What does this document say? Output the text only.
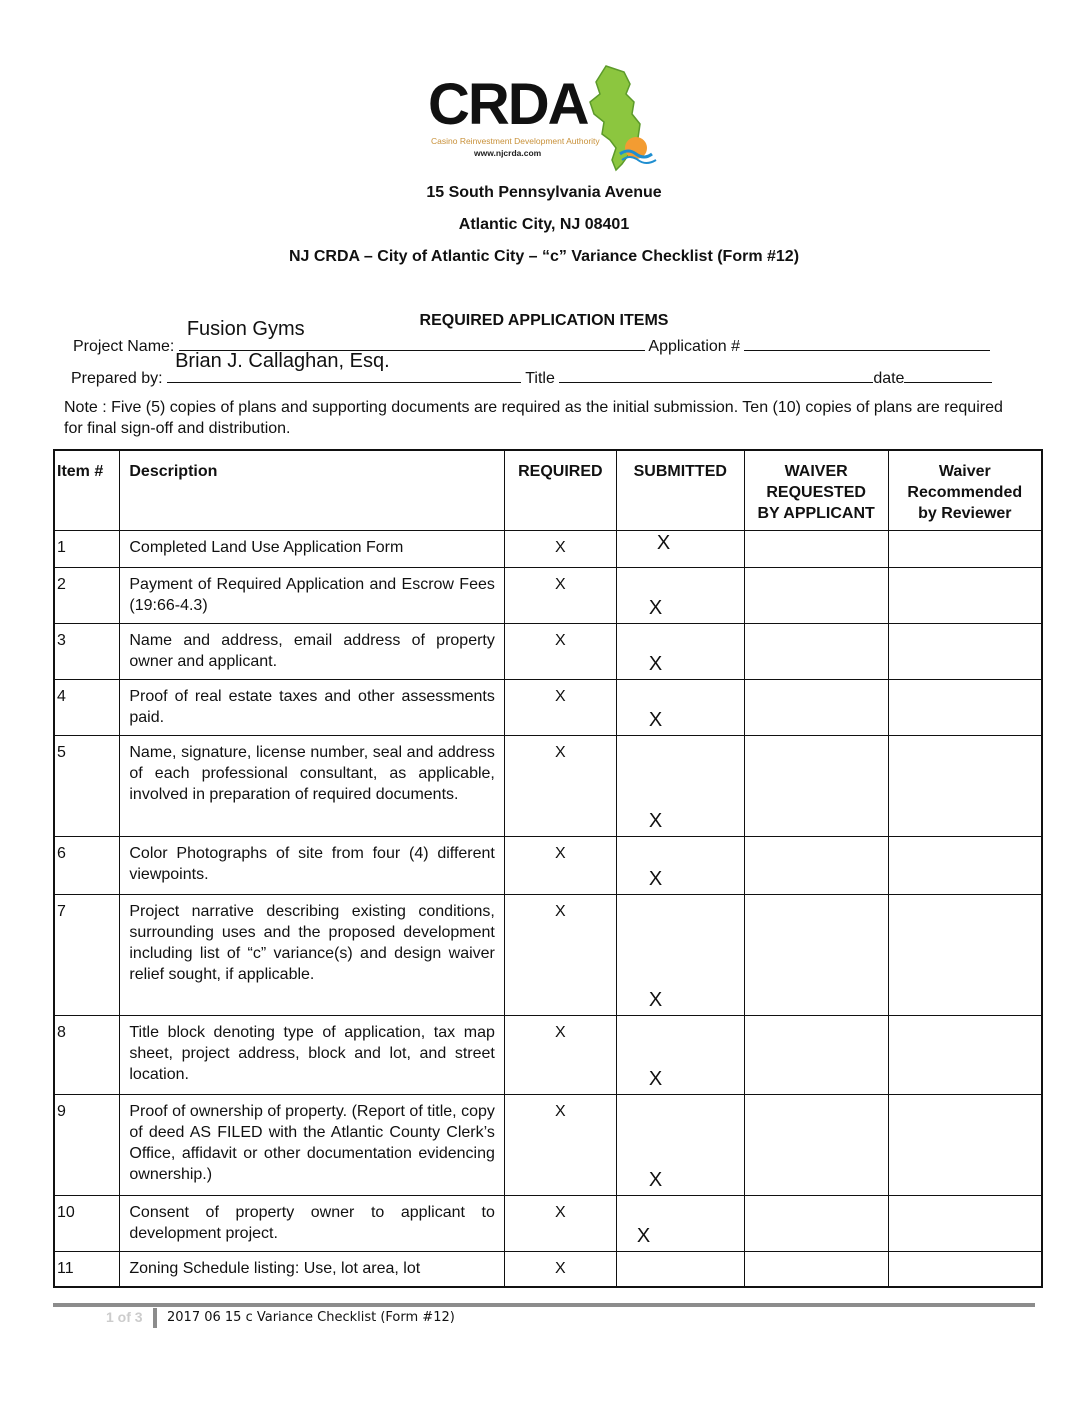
CRDA
Casino Reinvestment Development Authority
www.njcrda.com
15 South Pennsylvania Avenue
Atlantic City, NJ 08401
NJ CRDA – City of Atlantic City – “c” Variance Checklist (Form #12)
REQUIRED APPLICATION ITEMS
Project Name:
Fusion Gyms
Application #
Prepared by:
Brian J. Callaghan, Esq.
Title	date
Note : Five (5) copies of plans and supporting documents are required as the initial submission. Ten (10) copies of plans are required for final sign-off and distribution.
Item #	Description	REQUIRED	SUBMITTED	WAIVER REQUESTED BY APPLICANT	Waiver Recommended by Reviewer
1	Completed Land Use Application Form	X	X		

2	Payment of Required Application and Escrow Fees (19:66-4.3)	X	X		

3	Name and address, email address of property owner and applicant.	X	X		

4	Proof of real estate taxes and other assessments paid.	X	X		

5	Name, signature, license number, seal and address of each professional consultant, as applicable, involved in preparation of required documents.	X	X		

6	Color Photographs of site from four (4) different viewpoints.	X	X		

7	Project narrative describing existing conditions, surrounding uses and the proposed development including list of “c” variance(s) and design waiver relief sought, if applicable.	X	X		

8	Title block denoting type of application, tax map sheet, project address, block and lot, and street location.	X	X		

9	Proof of ownership of property. (Report of title, copy of deed AS FILED with the Atlantic County Clerk’s Office, affidavit or other documentation evidencing ownership.)	X	X		

10	Consent of property owner to applicant to development project.	X	X		

11	Zoning Schedule listing: Use, lot area, lot	X	

1 of 3 2017 06 15 c Variance Checklist (Form #12)
